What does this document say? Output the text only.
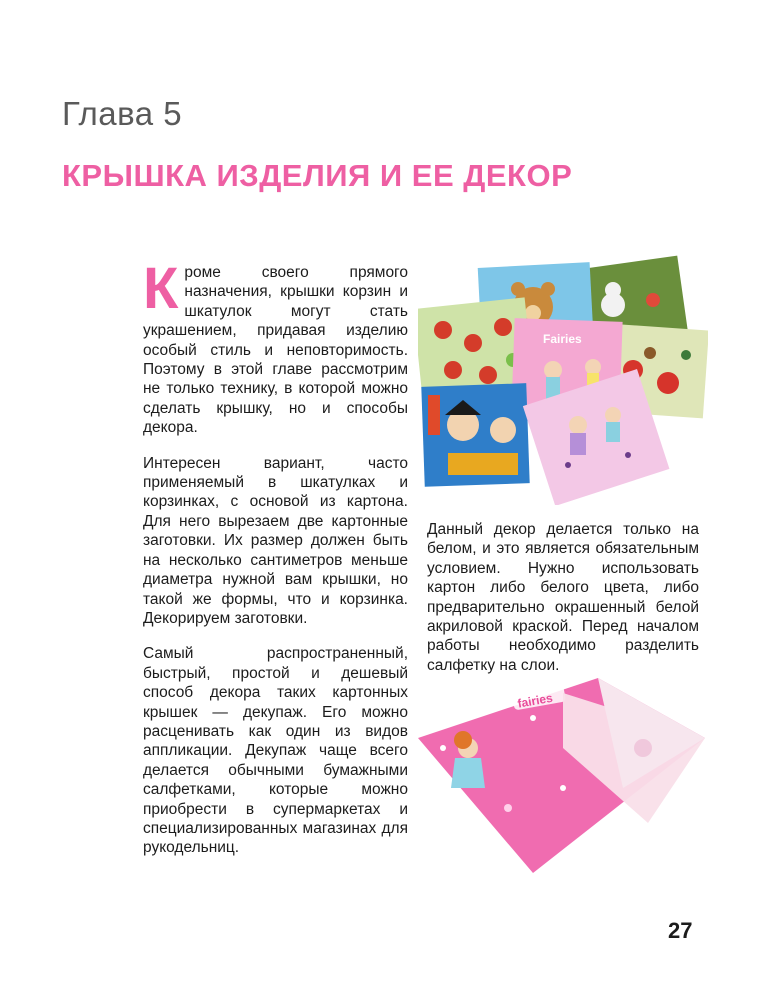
Глава 5
КРЫШКА ИЗДЕЛИЯ И ЕЕ ДЕКОР

Кроме своего прямого назначения, крышки корзин и шкатулок могут стать украшением, придавая изделию особый стиль и неповторимость. Поэтому в этой главе рассмотрим не только технику, в которой можно сделать крышку, но и способы декора.

Интересен вариант, часто применяемый в шкатулках и корзинках, с основой из картона. Для него вырезаем две картонные заготовки. Их размер должен быть на несколько сантиметров меньше диаметра нужной вам крышки, но такой же формы, что и корзинка. Декорируем заготовки.

Самый распространенный, быстрый, простой и дешевый способ декора таких картонных крышек — декупаж. Его можно расценивать как один из видов аппликации. Декупаж чаще всего делается обычными бумажными салфетками, которые можно приобрести в супермаркетах и специализированных магазинах для рукодельниц.

Данный декор делается только на белом, и это является обязательным условием. Нужно использовать картон либо белого цвета, либо предварительно окрашенный белой акриловой краской. Перед началом работы необходимо разделить салфетку на слои.

Fairies
fairies
27
